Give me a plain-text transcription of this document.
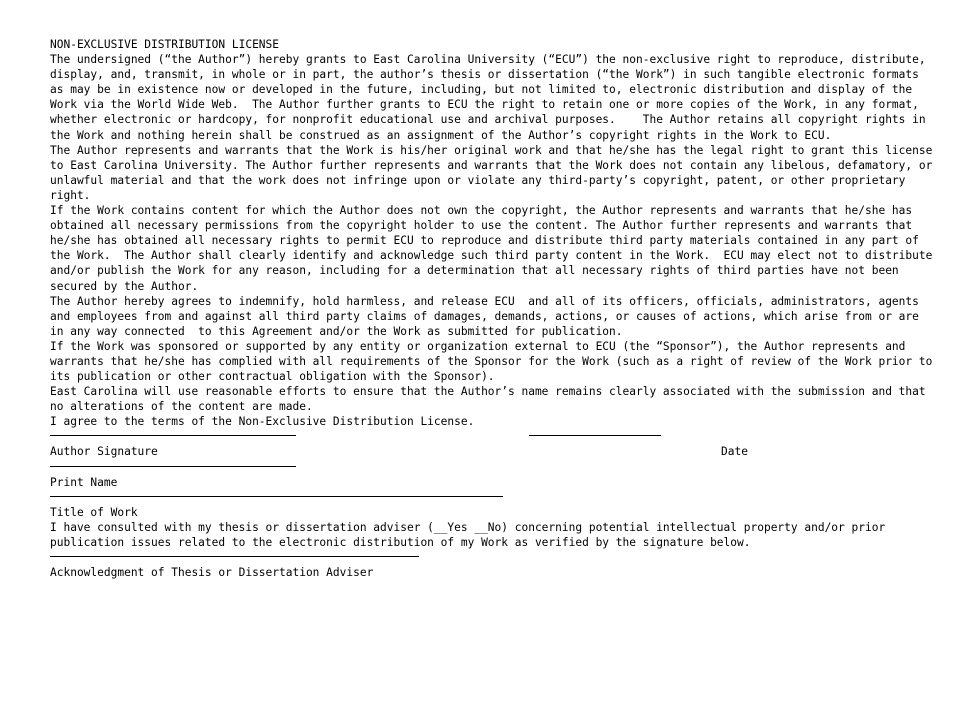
NON-EXCLUSIVE DISTRIBUTION LICENSE
The undersigned (“the Author”) hereby grants to East Carolina University (“ECU”) the non-exclusive right to reproduce, distribute, display, and, transmit, in whole or in part, the author’s thesis or dissertation (“the Work”) in such tangible electronic formats as may be in existence now or developed in the future, including, but not limited to, electronic distribution and display of the Work via the World Wide Web.  The Author further grants to ECU the right to retain one or more copies of the Work, in any format, whether electronic or hardcopy, for nonprofit educational use and archival purposes.    The Author retains all copyright rights in the Work and nothing herein shall be construed as an assignment of the Author’s copyright rights in the Work to ECU.
The Author represents and warrants that the Work is his/her original work and that he/she has the legal right to grant this license to East Carolina University. The Author further represents and warrants that the Work does not contain any libelous, defamatory, or unlawful material and that the work does not infringe upon or violate any third-party’s copyright, patent, or other proprietary right.
If the Work contains content for which the Author does not own the copyright, the Author represents and warrants that he/she has obtained all necessary permissions from the copyright holder to use the content. The Author further represents and warrants that he/she has obtained all necessary rights to permit ECU to reproduce and distribute third party materials contained in any part of the Work.  The Author shall clearly identify and acknowledge such third party content in the Work.  ECU may elect not to distribute and/or publish the Work for any reason, including for a determination that all necessary rights of third parties have not been secured by the Author.
The Author hereby agrees to indemnify, hold harmless, and release ECU  and all of its officers, officials, administrators, agents and employees from and against all third party claims of damages, demands, actions, or causes of actions, which arise from or are in any way connected  to this Agreement and/or the Work as submitted for publication.
If the Work was sponsored or supported by any entity or organization external to ECU (the “Sponsor”), the Author represents and warrants that he/she has complied with all requirements of the Sponsor for the Work (such as a right of review of the Work prior to its publication or other contractual obligation with the Sponsor).
East Carolina will use reasonable efforts to ensure that the Author’s name remains clearly associated with the submission and that no alterations of the content are made.
I agree to the terms of the Non-Exclusive Distribution License.
Author Signature	Date
Print Name
Title of Work
I have consulted with my thesis or dissertation adviser (__Yes __No) concerning potential intellectual property and/or prior publication issues related to the electronic distribution of my Work as verified by the signature below.
Acknowledgment of Thesis or Dissertation Adviser
